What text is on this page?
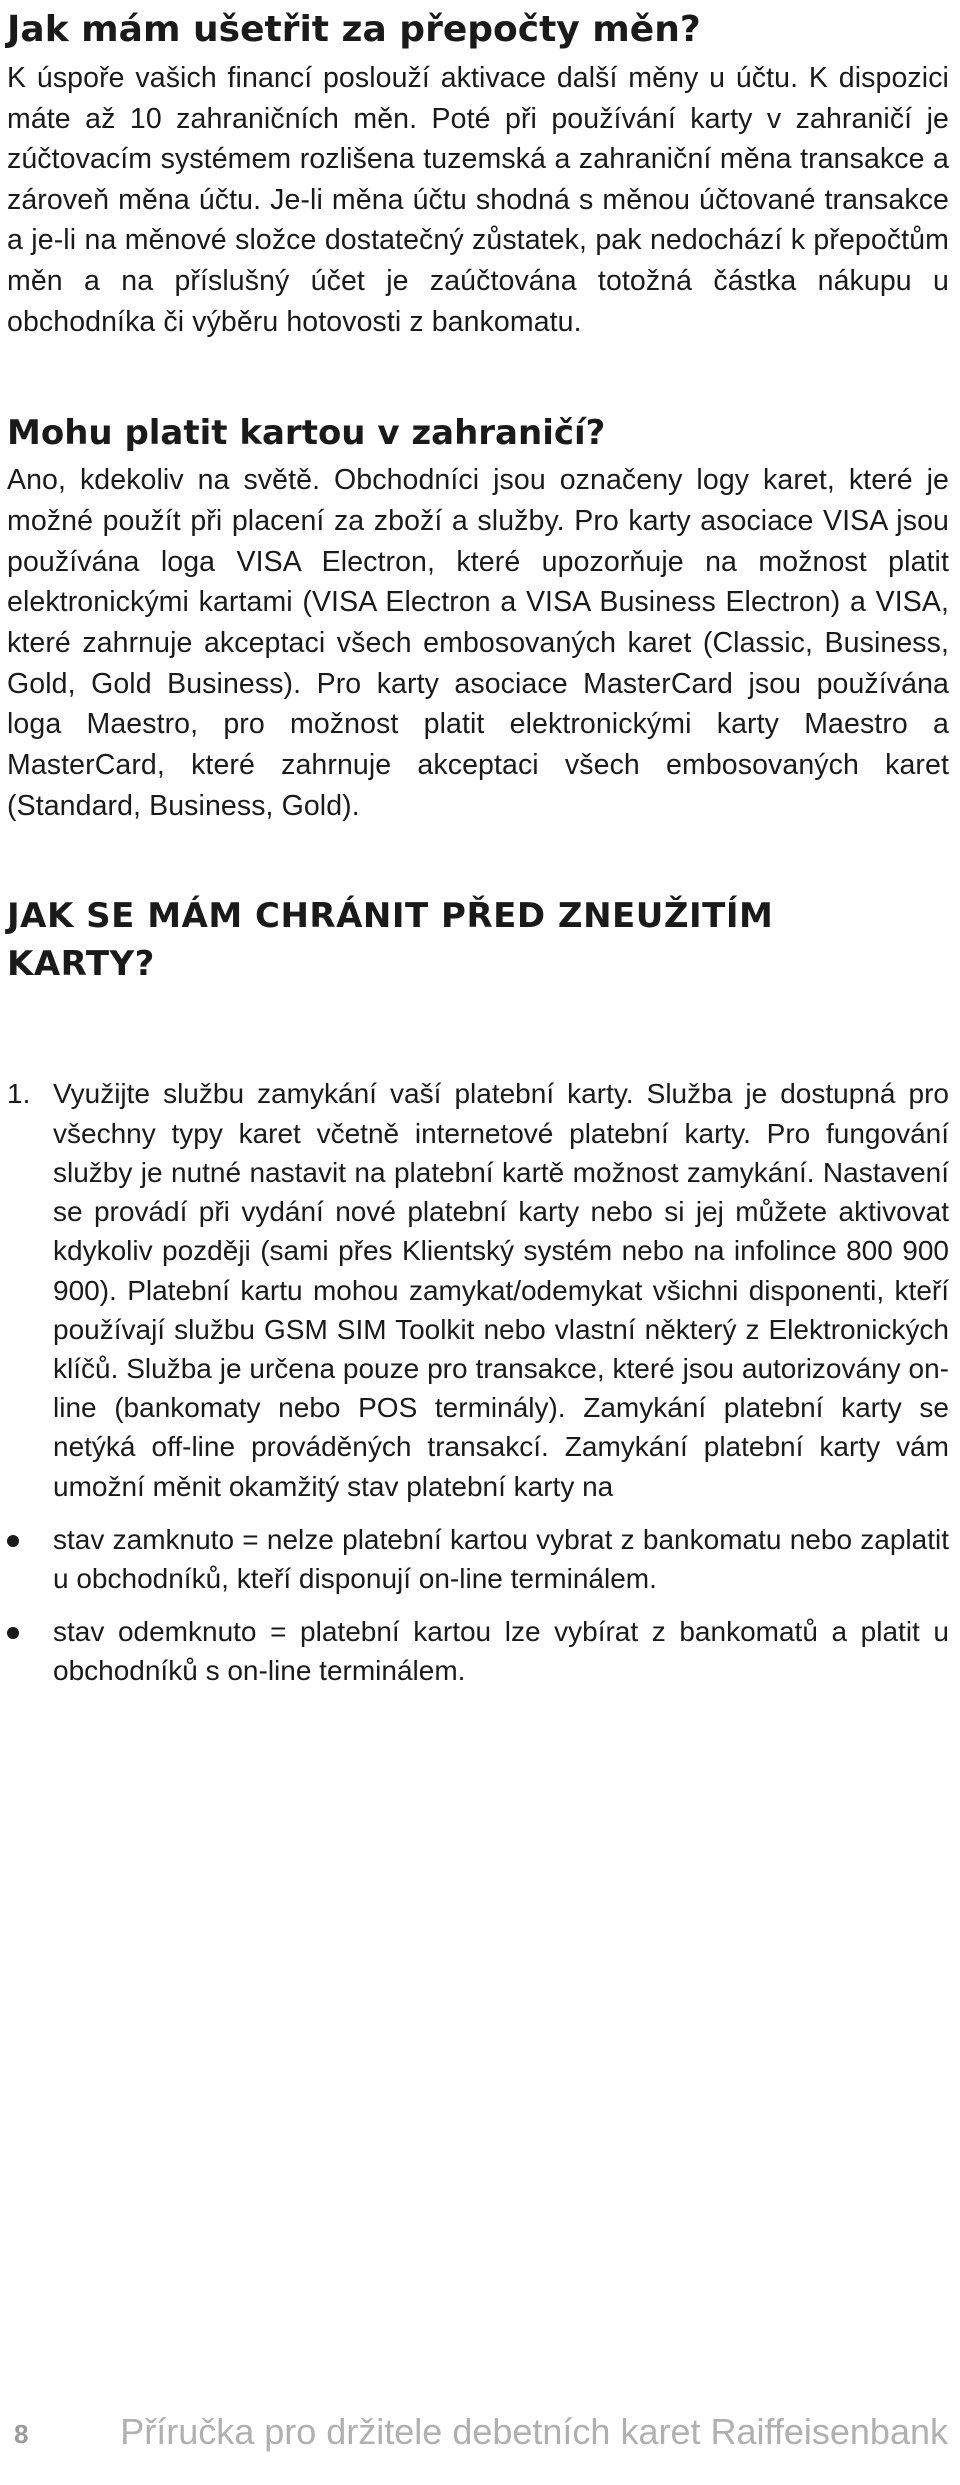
Jak mám ušetřit za přepočty měn?

K úspoře vašich financí poslouží aktivace další měny u účtu. K dispozici máte až 10 zahraničních měn. Poté při používání karty v zahraničí je zúčtovacím systémem rozlišena tuzemská a zahraniční měna transakce a zároveň měna účtu. Je-li měna účtu shodná s měnou účtované transakce a je-li na měnové složce dostatečný zůstatek, pak nedochází k přepočtům měn a na příslušný účet je zaúčtována totožná částka nákupu u obchodníka či výběru hotovosti z bankomatu.

Mohu platit kartou v zahraničí?

Ano, kdekoliv na světě. Obchodníci jsou označeny logy karet, které je možné použít při placení za zboží a služby. Pro karty asociace VISA jsou používána loga VISA Electron, které upozorňuje na možnost platit elektronickými kartami (VISA Electron a VISA Business Electron) a VISA, které zahrnuje akceptaci všech embosovaných karet (Classic, Business, Gold, Gold Business). Pro karty asociace MasterCard jsou používána loga Maestro, pro možnost platit elektronickými karty Maestro a MasterCard, které zahrnuje akceptaci všech embosovaných karet (Standard, Business, Gold).

JAK SE MÁM CHRÁNIT PŘED ZNEUŽITÍM KARTY?
1. Využijte službu zamykání vaší platební karty. Služba je dostupná pro všechny typy karet včetně internetové platební karty. Pro fungování služby je nutné nastavit na platební kartě možnost zamykání. Nastavení se provádí při vydání nové platební karty nebo si jej můžete aktivovat kdykoliv později (sami přes Klientský systém nebo na infolince 800 900 900). Platební kartu mohou zamykat/odemykat všichni disponenti, kteří používají službu GSM SIM Toolkit nebo vlastní některý z Elektronických klíčů. Služba je určena pouze pro transakce, které jsou autorizovány on-line (bankomaty nebo POS terminály). Zamykání platební karty se netýká off-line prováděných transakcí. Zamykání platební karty vám umožní měnit okamžitý stav platební karty na
stav zamknuto = nelze platební kartou vybrat z bankomatu nebo zaplatit u obchodníků, kteří disponují on-line terminálem.
stav odemknuto = platební kartou lze vybírat z bankomatů a platit u obchodníků s on-line terminálem.
8	Příručka pro držitele debetních karet Raiffeisenbank
